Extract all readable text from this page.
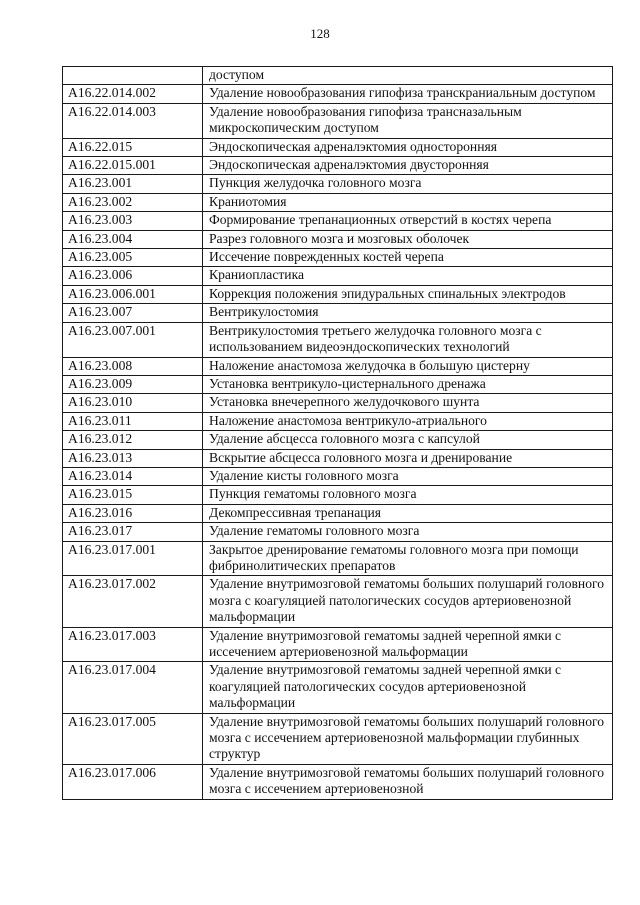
128
	доступом
А16.22.014.002	Удаление новообразования гипофиза транскраниальным доступом
А16.22.014.003	Удаление новообразования гипофиза трансназальным микроскопическим доступом
А16.22.015	Эндоскопическая адреналэктомия односторонняя
А16.22.015.001	Эндоскопическая адреналэктомия двусторонняя
А16.23.001	Пункция желудочка головного мозга
А16.23.002	Краниотомия
А16.23.003	Формирование трепанационных отверстий в костях черепа
А16.23.004	Разрез головного мозга и мозговых оболочек
А16.23.005	Иссечение поврежденных костей черепа
А16.23.006	Краниопластика
А16.23.006.001	Коррекция положения эпидуральных спинальных электродов
А16.23.007	Вентрикулостомия
А16.23.007.001	Вентрикулостомия третьего желудочка головного мозга с использованием видеоэндоскопических технологий
А16.23.008	Наложение анастомоза желудочка в большую цистерну
А16.23.009	Установка вентрикуло-цистернального дренажа
А16.23.010	Установка внечерепного желудочкового шунта
А16.23.011	Наложение анастомоза вентрикуло-атриального
А16.23.012	Удаление абсцесса головного мозга с капсулой
А16.23.013	Вскрытие абсцесса головного мозга и дренирование
А16.23.014	Удаление кисты головного мозга
А16.23.015	Пункция гематомы головного мозга
А16.23.016	Декомпрессивная трепанация
А16.23.017	Удаление гематомы головного мозга
А16.23.017.001	Закрытое дренирование гематомы головного мозга при помощи фибринолитических препаратов
А16.23.017.002	Удаление внутримозговой гематомы больших полушарий головного мозга с коагуляцией патологических сосудов артериовенозной мальформации
А16.23.017.003	Удаление внутримозговой гематомы задней черепной ямки с иссечением артериовенозной мальформации
А16.23.017.004	Удаление внутримозговой гематомы задней черепной ямки с коагуляцией патологических сосудов артериовенозной мальформации
А16.23.017.005	Удаление внутримозговой гематомы больших полушарий головного мозга с иссечением артериовенозной мальформации глубинных структур
А16.23.017.006	Удаление внутримозговой гематомы больших полушарий головного мозга с иссечением артериовенозной
